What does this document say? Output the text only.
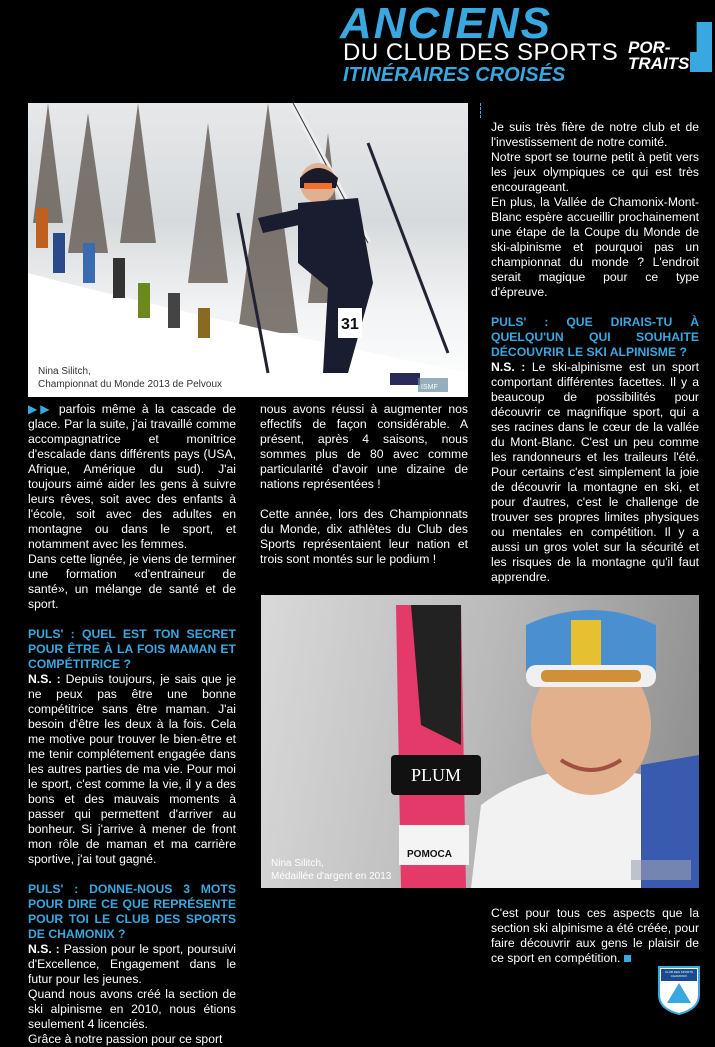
ANCIENS
DU CLUB DES SPORTS
ITINÉRAIRES CROISÉS
POR-
TRAITS
31
ISMF
Nina Silitch,
Championnat du Monde 2013 de Pelvoux

▶▶ parfois même à la cascade de glace. Par la suite, j'ai travaillé comme accompagnatrice et monitrice d'escalade dans différents pays (USA, Afrique, Amérique du sud). J'ai toujours aimé aider les gens à suivre leurs rêves, soit avec des enfants à l'école, soit avec des adultes en montagne ou dans le sport, et notamment avec les femmes.

Dans cette lignée, je viens de terminer une formation «d'entraineur de santé», un mélange de santé et de sport.

PULS' : QUEL EST TON SECRET POUR ÊTRE À LA FOIS MAMAN ET COMPÉTITRICE ?

N.S. : Depuis toujours, je sais que je ne peux pas être une bonne compétitrice sans être maman. J'ai besoin d'être les deux à la fois. Cela me motive pour trouver le bien-être et me tenir complétement engagée dans les autres parties de ma vie. Pour moi le sport, c'est comme la vie, il y a des bons et des mauvais moments à passer qui permettent d'arriver au bonheur. Si j'arrive à mener de front mon rôle de maman et ma carrière sportive, j'ai tout gagné.

PULS' : DONNE-NOUS 3 MOTS POUR DIRE CE QUE REPRÉSENTE POUR TOI LE CLUB DES SPORTS DE CHAMONIX ?

N.S. : Passion pour le sport, poursuivi d'Excellence, Engagement dans le futur pour les jeunes.

Quand nous avons créé la section de ski alpinisme en 2010, nous étions seulement 4 licenciés.

Grâce à notre passion pour ce sport

nous avons réussi à augmenter nos effectifs de façon considérable. A présent, après 4 saisons, nous sommes plus de 80 avec comme particularité d'avoir une dizaine de nations représentées !

Cette année, lors des Championnats du Monde, dix athlètes du Club des Sports représentaient leur nation et trois sont montés sur le podium !

Je suis très fière de notre club et de l'investissement de notre comité.

Notre sport se tourne petit à petit vers les jeux olympiques ce qui est très encourageant.

En plus, la Vallée de Chamonix-Mont-Blanc espère accueillir prochainement une étape de la Coupe du Monde de ski-alpinisme et pourquoi pas un championnat du monde ? L'endroit serait magique pour ce type d'épreuve.

PULS' : QUE DIRAIS-TU À QUELQU'UN QUI SOUHAITE DÉCOUVRIR LE SKI ALPINISME ?

N.S. : Le ski-alpinisme est un sport comportant différentes facettes. Il y a beaucoup de possibilités pour découvrir ce magnifique sport, qui a ses racines dans le cœur de la vallée du Mont-Blanc. C'est un peu comme les randonneurs et les traileurs l'été. Pour certains c'est simplement la joie de découvrir la montagne en ski, et pour d'autres, c'est le challenge de trouver ses propres limites physiques ou mentales en compétition. Il y a aussi un gros volet sur la sécurité et les risques de la montagne qu'il faut apprendre.

PLUM
POMOCA
Nina Silitch,
Médaillée d'argent en 2013

C'est pour tous ces aspects que la section ski alpinisme a été créée, pour faire découvrir aux gens le plaisir de ce sport en compétition.

CLUB DES SPORTS CHAMONIX
